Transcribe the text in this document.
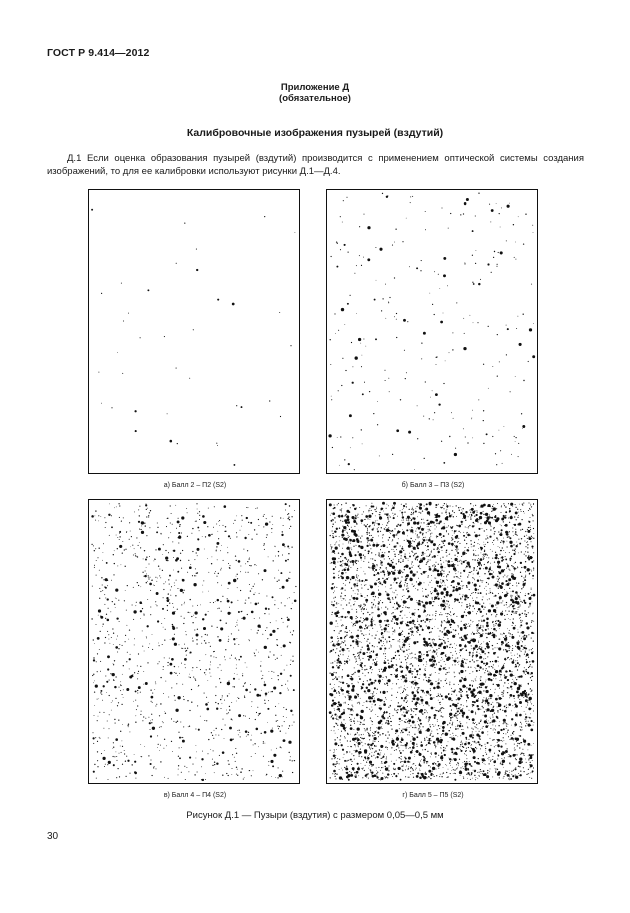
ГОСТ Р 9.414—2012
Приложение Д
(обязательное)
Калибровочные изображения пузырей (вздутий)
Д.1 Если оценка образования пузырей (вздутий) производится с применением оптической системы создания изображений, то для ее калибровки используют рисунки Д.1—Д.4.
а) Балл 2 – П2 (S2)	б) Балл 3 – П3 (S2)
в) Балл 4 – П4 (S2)	г) Балл 5 – П5 (S2)
Рисунок Д.1 — Пузыри (вздутия) с размером 0,05—0,5 мм
30
